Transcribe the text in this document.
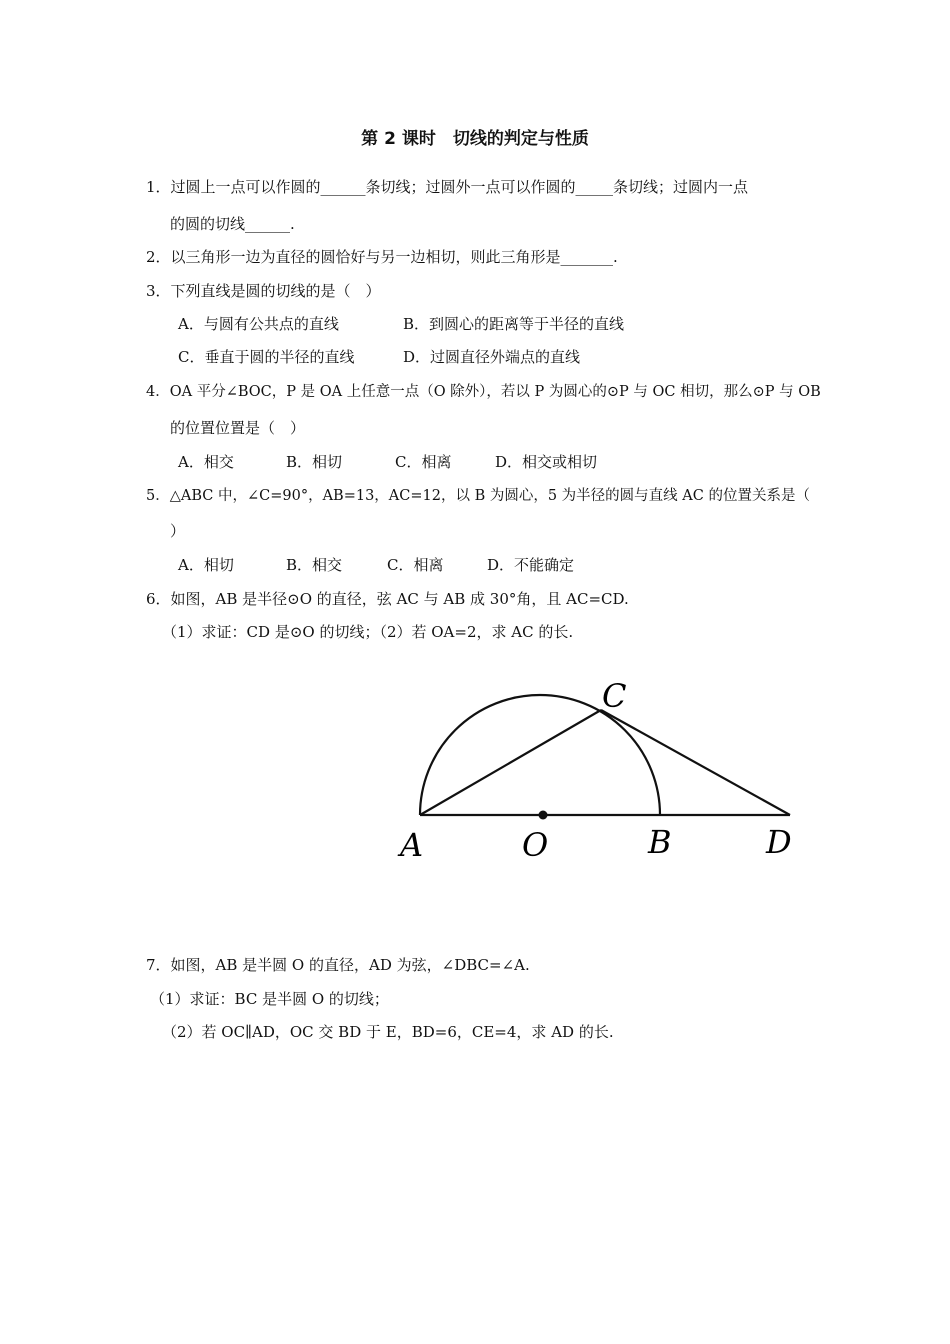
第 2 课时　切线的判定与性质
1．过圆上一点可以作圆的______条切线；过圆外一点可以作圆的_____条切线；过圆内一点
的圆的切线______.
2．以三角形一边为直径的圆恰好与另一边相切，则此三角形是_______.
3．下列直线是圆的切线的是（　）
A．与圆有公共点的直线	B．到圆心的距离等于半径的直线
C．垂直于圆的半径的直线	D．过圆直径外端点的直线
4．OA 平分∠BOC，P 是 OA 上任意一点（O 除外），若以 P 为圆心的⊙P 与 OC 相切，那么⊙P 与 OB
的位置位置是（　）
A．相交	B．相切	C．相离	D．相交或相切
5．△ABC 中，∠C=90°，AB=13，AC=12，以 B 为圆心，5 为半径的圆与直线 AC 的位置关系是（
）
A．相切	B．相交	C．相离	D．不能确定
6．如图，AB 是半径⊙O 的直径，弦 AC 与 AB 成 30°角，且 AC=CD.
（1）求证：CD 是⊙O 的切线；（2）若 OA=2，求 AC 的长.
C
A	O	B	D
7．如图，AB 是半圆 O 的直径，AD 为弦，∠DBC=∠A.
（1）求证：BC 是半圆 O 的切线；
（2）若 OC∥AD，OC 交 BD 于 E，BD=6，CE=4，求 AD 的长.
